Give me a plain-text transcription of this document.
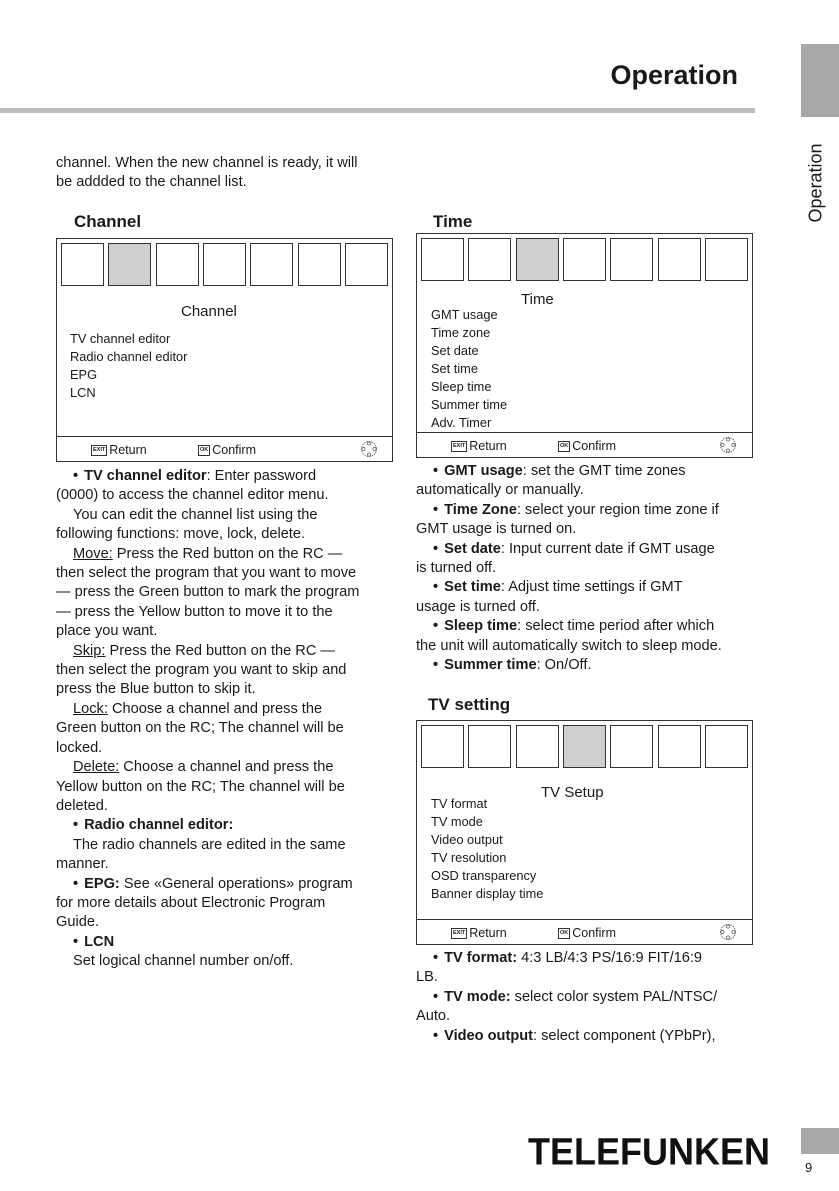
Operation
Operation

channel. When the new channel is ready, it will

be addded to the channel list.

Channel
Channel
TV channel editor
Radio channel editor
EPG
LCN
EXIT Return	OK Confirm

• TV channel editor: Enter password

(0000) to access the channel editor menu.

You can edit the channel list using the

following functions: move, lock, delete.

Move: Press the Red button on the RC —

then select the program that you want to move

— press the Green button to mark the program

— press the Yellow button to move it to the

place you want.

Skip: Press the Red button on the RC —

then select the program you want to skip and

press the Blue button to skip it.

Lock: Choose a channel and press the

Green button on the RC; The channel will be

locked.

Delete: Choose a channel and press the

Yellow button on the RC; The channel will be

deleted.

• Radio channel editor:

The radio channels are edited in the same

manner.

• EPG: See «General operations» program

for more details about Electronic Program

Guide.

• LCN

Set logical channel number on/off.

Time
Time
GMT usage
Time zone
Set date
Set time
Sleep time
Summer time
Adv. Timer
EXIT Return	OK Confirm

• GMT usage: set the GMT time zones

automatically or manually.

• Time Zone: select your region time zone if

GMT usage is turned on.

• Set date: Input current date if GMT usage

is turned off.

• Set time: Adjust time settings if GMT

usage is turned off.

• Sleep time: select time period after which

the unit will automatically switch to sleep mode.

• Summer time: On/Off.

TV setting
TV Setup
TV format
TV mode
Video output
TV resolution
OSD transparency
Banner display time
EXIT Return	OK Confirm

• TV format: 4:3 LB/4:3 PS/16:9 FIT/16:9

LB.

• TV mode: select color system PAL/NTSC/

Auto.

• Video output: select component (YPbPr),

TELEFUNKEN	9
